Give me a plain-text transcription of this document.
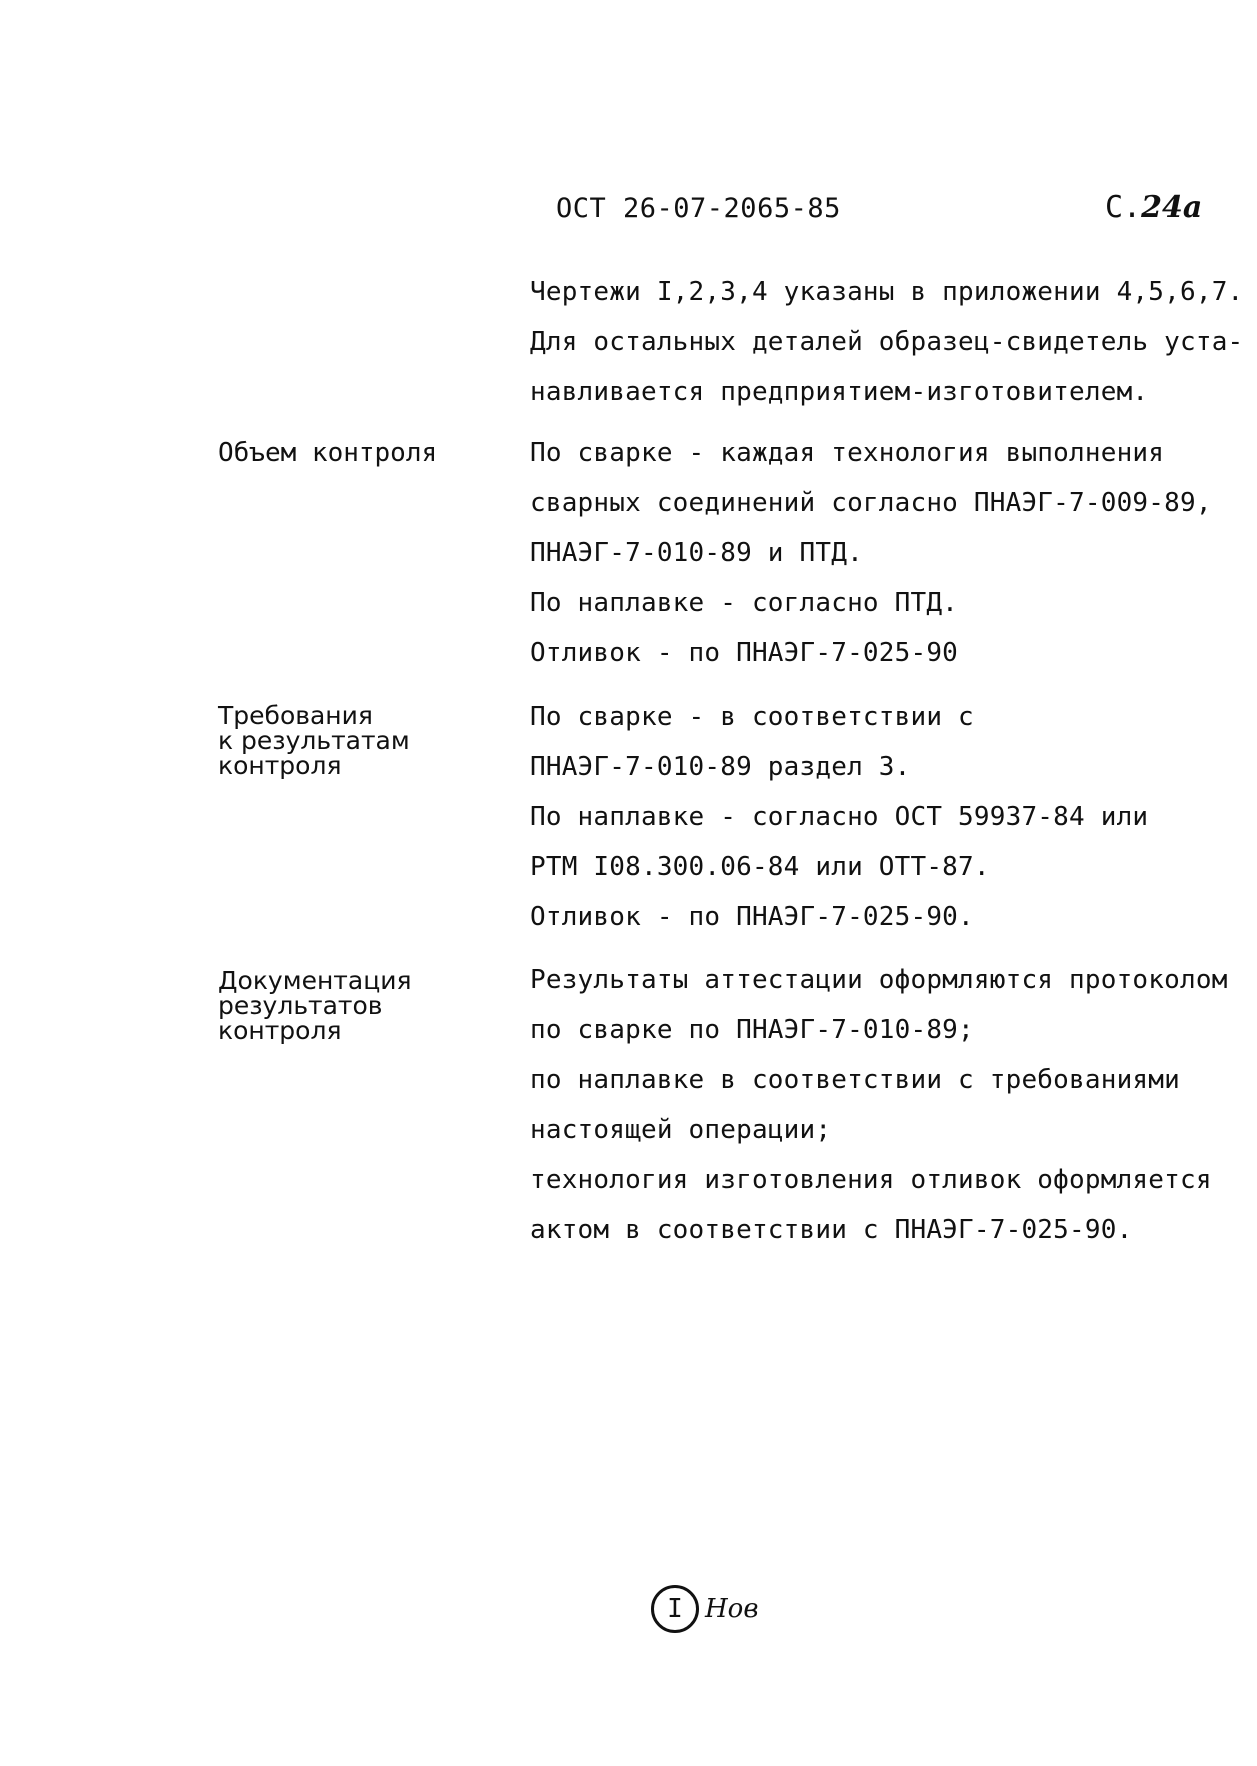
ОСТ 26-07-2065-85	С.24а
Чертежи I,2,3,4 указаны в приложении 4,5,6,7.
Для остальных деталей образец-свидетель уста-
навливается предприятием-изготовителем.
Объем контроля	По сварке - каждая технология выполнения
сварных соединений согласно ПНАЭГ-7-009-89,
ПНАЭГ-7-010-89 и ПТД.
По наплавке - согласно ПТД.
Отливок - по ПНАЭГ-7-025-90
Требования
к результатам
контроля
По сварке - в соответствии с
ПНАЭГ-7-010-89 раздел 3.
По наплавке - согласно ОСТ 59937-84 или
РТМ I08.300.06-84 или ОТТ-87.
Отливок - по ПНАЭГ-7-025-90.
Документация
результатов
контроля
Результаты аттестации оформляются протоколом
по сварке по ПНАЭГ-7-010-89;
по наплавке в соответствии с требованиями
настоящей операции;
технология изготовления отливок оформляется
актом в соответствии с ПНАЭГ-7-025-90.
I Нов
